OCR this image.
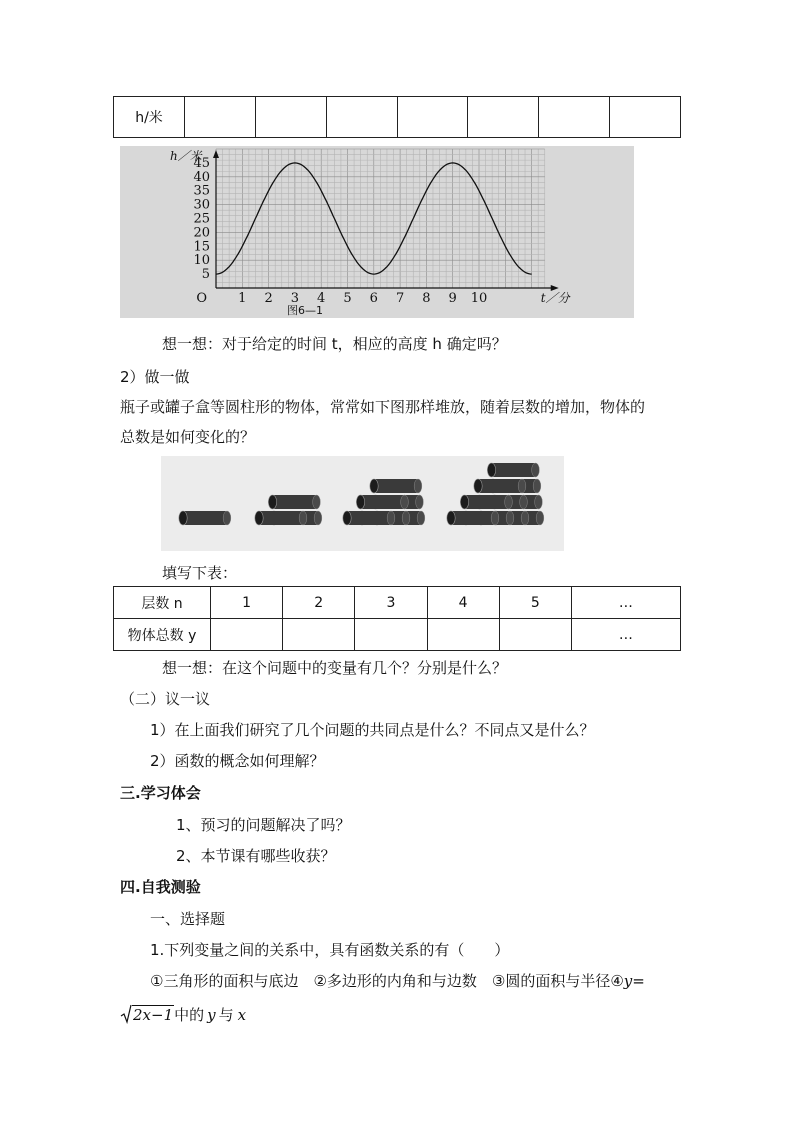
h/米							
5
10
15
20
25
30
35
40
45
1 2 3 4 5 6 7 8 9 10
O
h／米
t／分
图6—1
想一想：对于给定的时间 t，相应的高度 h 确定吗？
2）做一做
瓶子或罐子盒等圆柱形的物体，常常如下图那样堆放，随着层数的增加，物体的
总数是如何变化的？
填写下表：
层数 n	1	2	3	4	5	…
物体总数 y						…
想一想：在这个问题中的变量有几个？分别是什么？
（二）议一议
1）在上面我们研究了几个问题的共同点是什么？不同点又是什么？
2）函数的概念如何理解？
三.学习体会
1、预习的问题解决了吗？
2、本节课有哪些收获？
四.自我测验
一、选择题
1.下列变量之间的关系中，具有函数关系的有（　　）
①三角形的面积与底边　②多边形的内角和与边数　③圆的面积与半径④y=
2x−1中的 y 与 x
